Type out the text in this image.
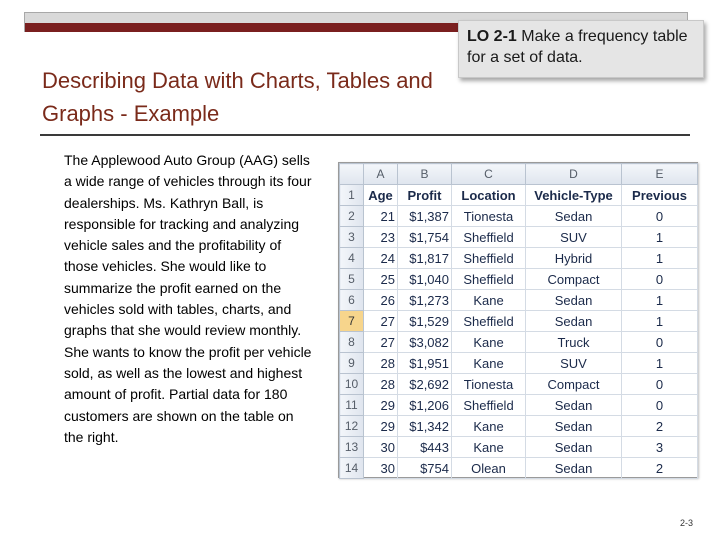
LO 2-1 Make a frequency table for a set of data.
Describing Data with Charts, Tables and Graphs - Example
The Applewood Auto Group (AAG) sells a wide range of vehicles through its four dealerships. Ms. Kathryn Ball, is responsible for tracking and analyzing vehicle sales and the profitability of those vehicles. She would like to summarize the profit earned on the vehicles sold with tables, charts, and graphs that she would review monthly. She wants to know the profit per vehicle sold, as well as the lowest and highest amount of profit. Partial data for 180 customers are shown on the table on the right.
	A	B	C	D	E
1	Age	Profit	Location	Vehicle-Type	Previous
2	21	$1,387	Tionesta	Sedan	0
3	23	$1,754	Sheffield	SUV	1
4	24	$1,817	Sheffield	Hybrid	1
5	25	$1,040	Sheffield	Compact	0
6	26	$1,273	Kane	Sedan	1
7	27	$1,529	Sheffield	Sedan	1
8	27	$3,082	Kane	Truck	0
9	28	$1,951	Kane	SUV	1
10	28	$2,692	Tionesta	Compact	0
11	29	$1,206	Sheffield	Sedan	0
12	29	$1,342	Kane	Sedan	2
13	30	$443	Kane	Sedan	3
14	30	$754	Olean	Sedan	2
2-3
